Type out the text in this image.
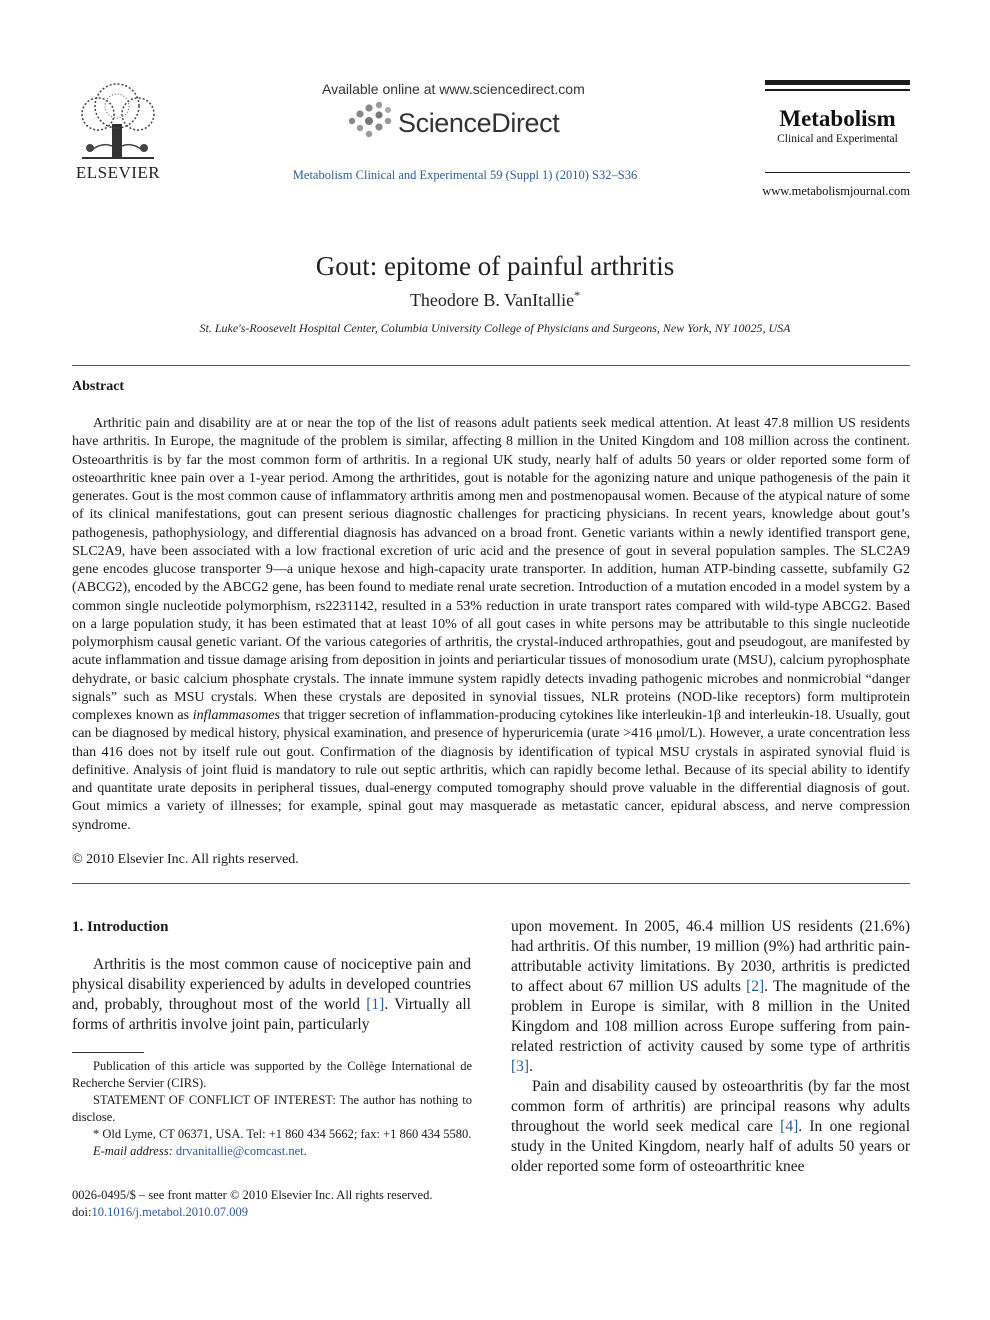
ELSEVIER
Available online at www.sciencedirect.com
ScienceDirect
Metabolism Clinical and Experimental 59 (Suppl 1) (2010) S32–S36
Metabolism
Clinical and Experimental
www.metabolismjournal.com
Gout: epitome of painful arthritis
Theodore B. VanItallie*
St. Luke's-Roosevelt Hospital Center, Columbia University College of Physicians and Surgeons, New York, NY 10025, USA
Abstract
Arthritic pain and disability are at or near the top of the list of reasons adult patients seek medical attention. At least 47.8 million US residents have arthritis. In Europe, the magnitude of the problem is similar, affecting 8 million in the United Kingdom and 108 million across the continent. Osteoarthritis is by far the most common form of arthritis. In a regional UK study, nearly half of adults 50 years or older reported some form of osteoarthritic knee pain over a 1-year period. Among the arthritides, gout is notable for the agonizing nature and unique pathogenesis of the pain it generates. Gout is the most common cause of inflammatory arthritis among men and postmenopausal women. Because of the atypical nature of some of its clinical manifestations, gout can present serious diagnostic challenges for practicing physicians. In recent years, knowledge about gout’s pathogenesis, pathophysiology, and differential diagnosis has advanced on a broad front. Genetic variants within a newly identified transport gene, SLC2A9, have been associated with a low fractional excretion of uric acid and the presence of gout in several population samples. The SLC2A9 gene encodes glucose transporter 9—a unique hexose and high-capacity urate transporter. In addition, human ATP-binding cassette, subfamily G2 (ABCG2), encoded by the ABCG2 gene, has been found to mediate renal urate secretion. Introduction of a mutation encoded in a model system by a common single nucleotide polymorphism, rs2231142, resulted in a 53% reduction in urate transport rates compared with wild-type ABCG2. Based on a large population study, it has been estimated that at least 10% of all gout cases in white persons may be attributable to this single nucleotide polymorphism causal genetic variant. Of the various categories of arthritis, the crystal-induced arthropathies, gout and pseudogout, are manifested by acute inflammation and tissue damage arising from deposition in joints and periarticular tissues of monosodium urate (MSU), calcium pyrophosphate dehydrate, or basic calcium phosphate crystals. The innate immune system rapidly detects invading pathogenic microbes and nonmicrobial “danger signals” such as MSU crystals. When these crystals are deposited in synovial tissues, NLR proteins (NOD-like receptors) form multiprotein complexes known as inflammasomes that trigger secretion of inflammation-producing cytokines like interleukin-1β and interleukin-18. Usually, gout can be diagnosed by medical history, physical examination, and presence of hyperuricemia (urate >416 μmol/L). However, a urate concentration less than 416 does not by itself rule out gout. Confirmation of the diagnosis by identification of typical MSU crystals in aspirated synovial fluid is definitive. Analysis of joint fluid is mandatory to rule out septic arthritis, which can rapidly become lethal. Because of its special ability to identify and quantitate urate deposits in peripheral tissues, dual-energy computed tomography should prove valuable in the differential diagnosis of gout. Gout mimics a variety of illnesses; for example, spinal gout may masquerade as metastatic cancer, epidural abscess, and nerve compression syndrome.
© 2010 Elsevier Inc. All rights reserved.
1. Introduction

Arthritis is the most common cause of nociceptive pain and physical disability experienced by adults in developed countries and, probably, throughout most of the world [1]. Virtually all forms of arthritis involve joint pain, particularly

Publication of this article was supported by the Collège International de Recherche Servier (CIRS).

STATEMENT OF CONFLICT OF INTEREST: The author has nothing to disclose.

* Old Lyme, CT 06371, USA. Tel: +1 860 434 5662; fax: +1 860 434 5580.

E-mail address: drvanitallie@comcast.net.

0026-0495/$ – see front matter © 2010 Elsevier Inc. All rights reserved.

doi:10.1016/j.metabol.2010.07.009

upon movement. In 2005, 46.4 million US residents (21.6%) had arthritis. Of this number, 19 million (9%) had arthritic pain-attributable activity limitations. By 2030, arthritis is predicted to affect about 67 million US adults [2]. The magnitude of the problem in Europe is similar, with 8 million in the United Kingdom and 108 million across Europe suffering from pain-related restriction of activity caused by some type of arthritis [3].

Pain and disability caused by osteoarthritis (by far the most common form of arthritis) are principal reasons why adults throughout the world seek medical care [4]. In one regional study in the United Kingdom, nearly half of adults 50 years or older reported some form of osteoarthritic knee
